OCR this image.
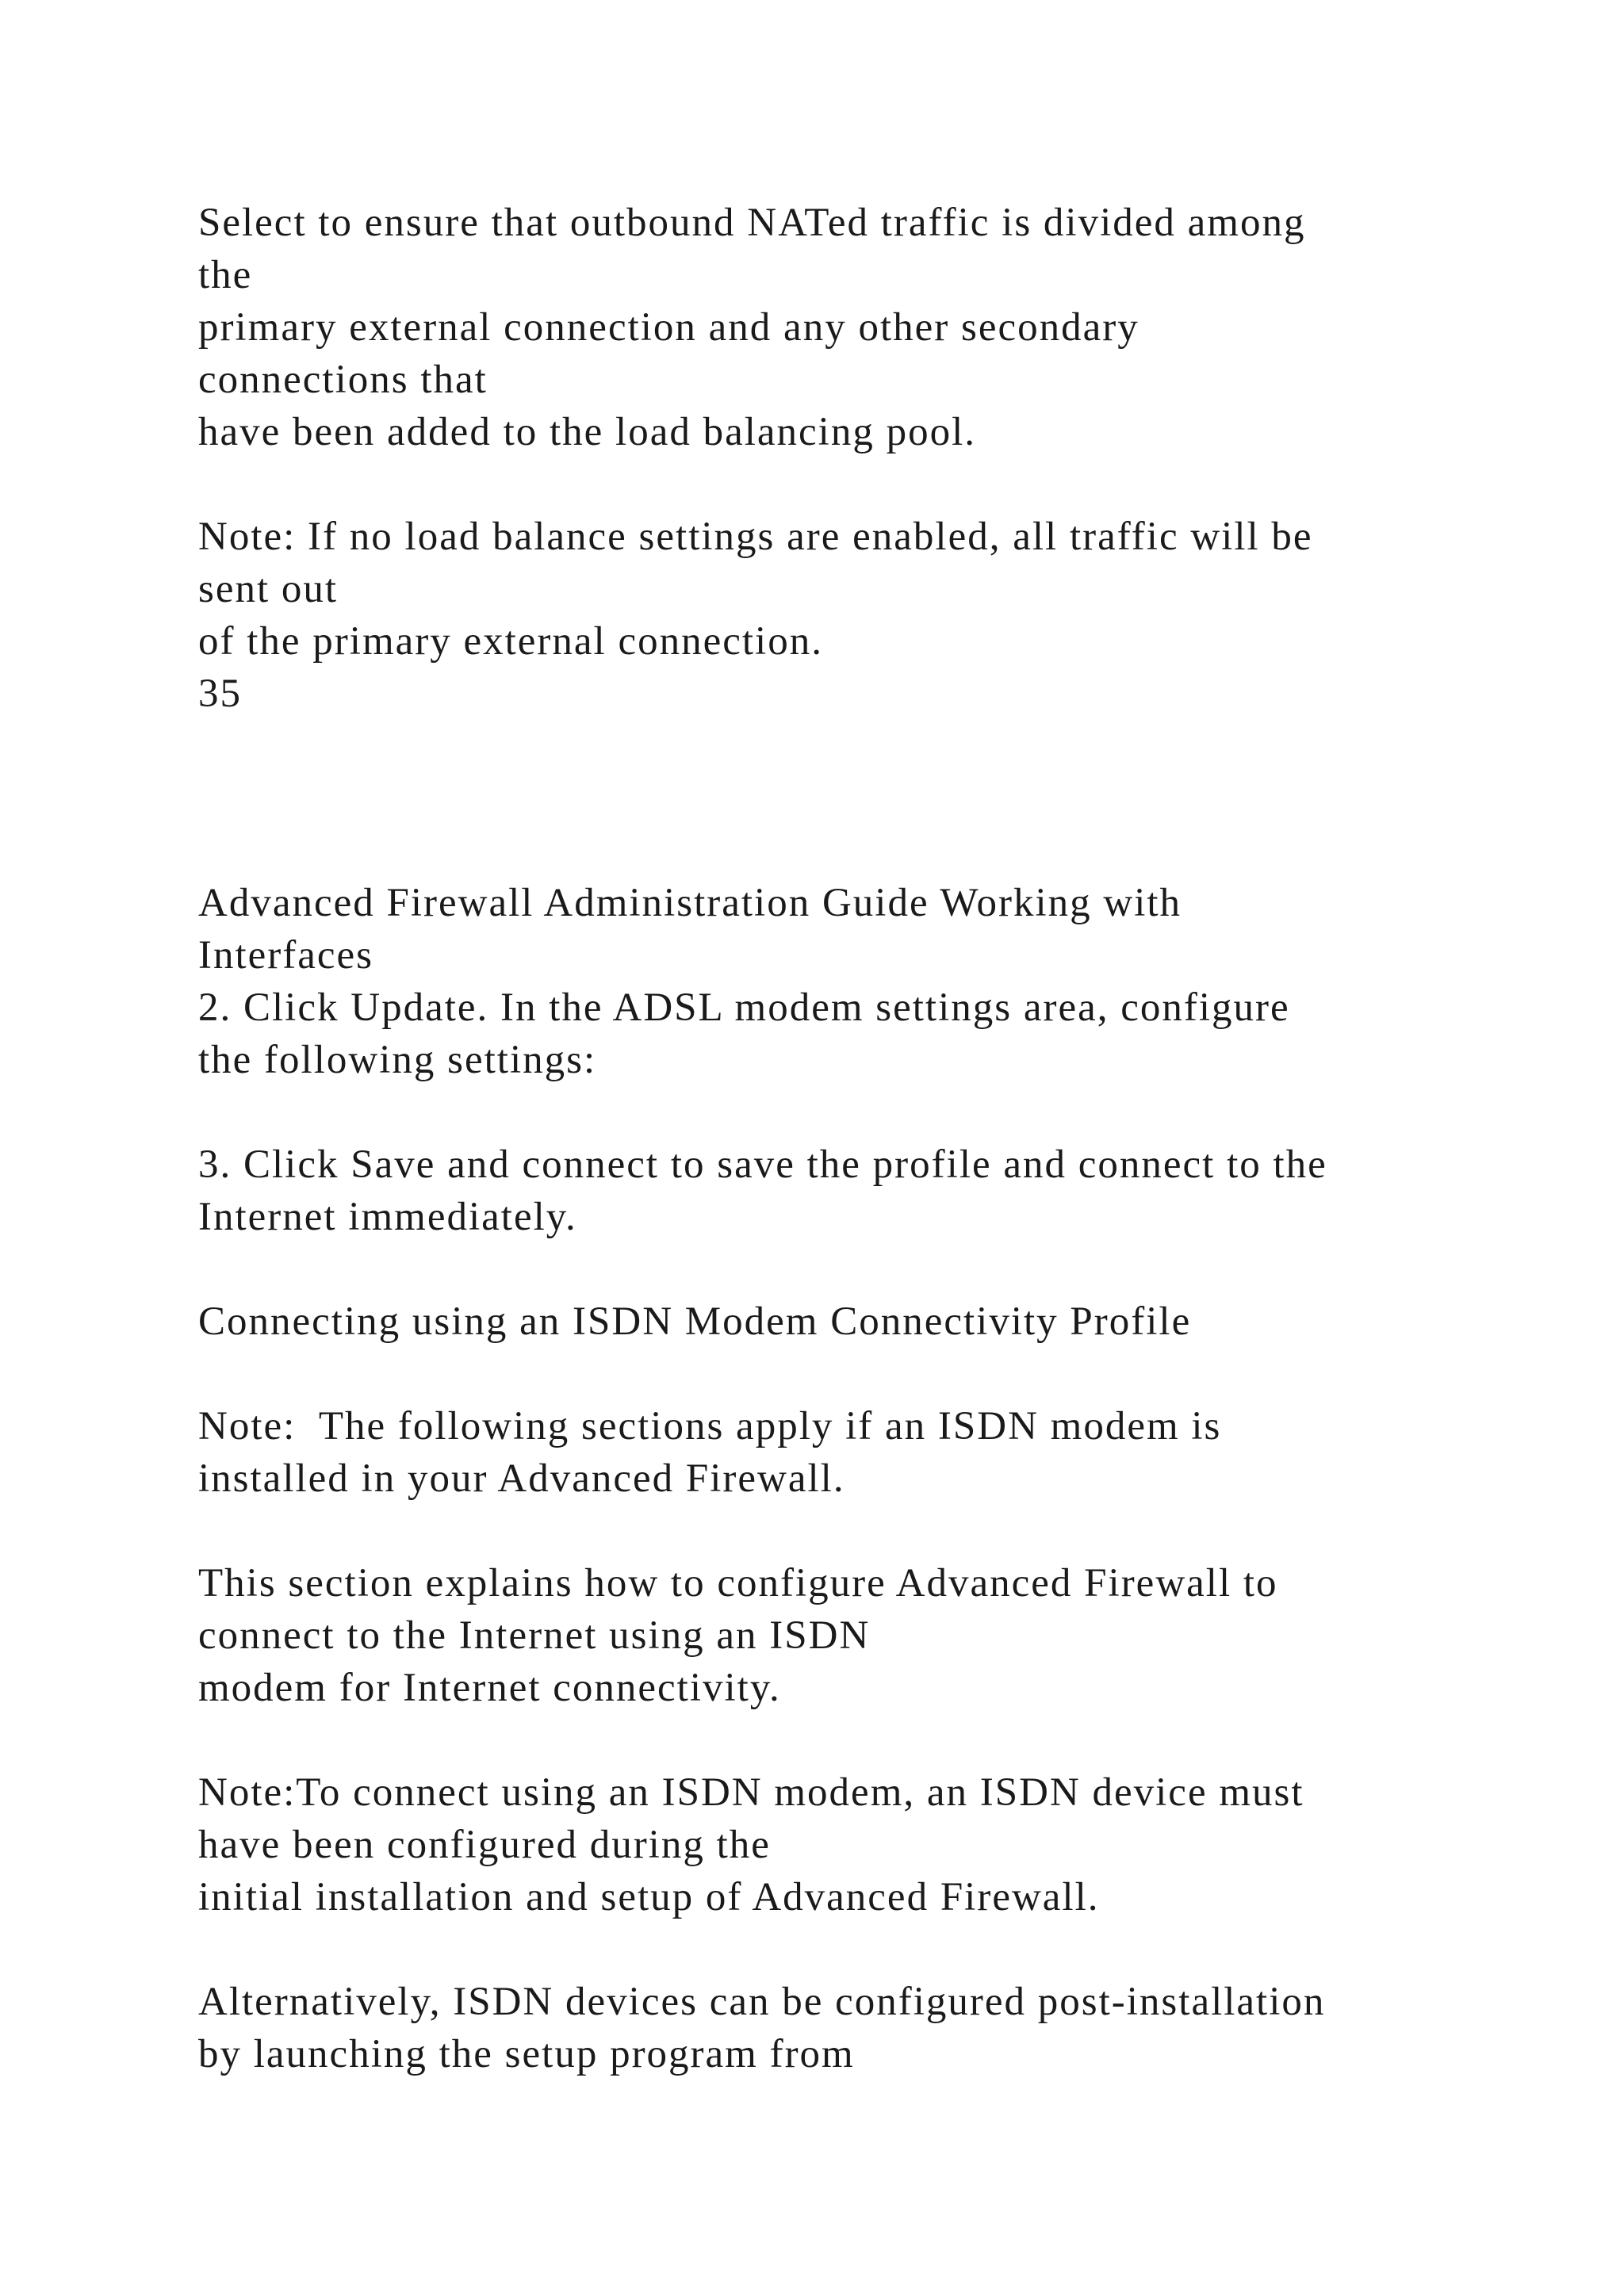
Select to ensure that outbound NATed traffic is divided among
the
primary external connection and any other secondary
connections that
have been added to the load balancing pool.
Note: If no load balance settings are enabled, all traffic will be
sent out
of the primary external connection.
35
Advanced Firewall Administration Guide Working with
Interfaces
2. Click Update. In the ADSL modem settings area, configure
the following settings:
3. Click Save and connect to save the profile and connect to the
Internet immediately.
Connecting using an ISDN Modem Connectivity Profile
Note:  The following sections apply if an ISDN modem is
installed in your Advanced Firewall.
This section explains how to configure Advanced Firewall to
connect to the Internet using an ISDN
modem for Internet connectivity.
Note:To connect using an ISDN modem, an ISDN device must
have been configured during the
initial installation and setup of Advanced Firewall.
Alternatively, ISDN devices can be configured post-installation
by launching the setup program from
